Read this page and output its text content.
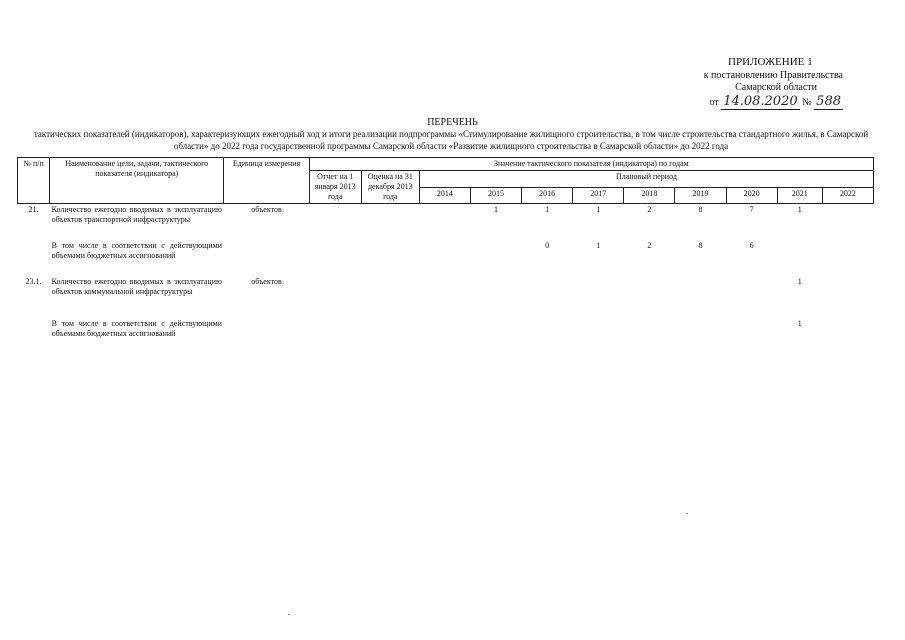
ПРИЛОЖЕНИЕ 1
к постановлению Правительства
Самарской области
от 14.08.2020 № 588
ПЕРЕЧЕНЬ
тактических показателей (индикаторов), характеризующих ежегодный ход и итоги реализации подпрограммы «Стимулирование жилищного строительства, в том числе строительства стандартного жилья, в Самарской области» до 2022 года государственной программы Самарской области «Развитие жилищного строительства в Самарской области» до 2022 года
№ п/п	Наименование цели, задачи, тактического показателя (индикатора)	Единица измерения	Значение тактического показателя (индикатора) по годам										
			Отчет на 1 января 2013 года	Оценка на 31 декабря 2013 года	Плановый период								
					2014	2015	2016	2017	2018	2019	2020	2021	2022
21.	Количество ежегодно вводимых в эксплуатацию объектов транспортной инфраструктуры	объектов				1	1	1	2	8	7	1	

	В том числе в соответствии с действующими объемами бюджетных ассигнований						0	1	2	8	6		

23.1.	Количество ежегодно вводимых в эксплуатацию объектов коммунальной инфраструктуры	объектов										1	

	В том числе в соответствии с действующими объемами бюджетных ассигнований											1	
